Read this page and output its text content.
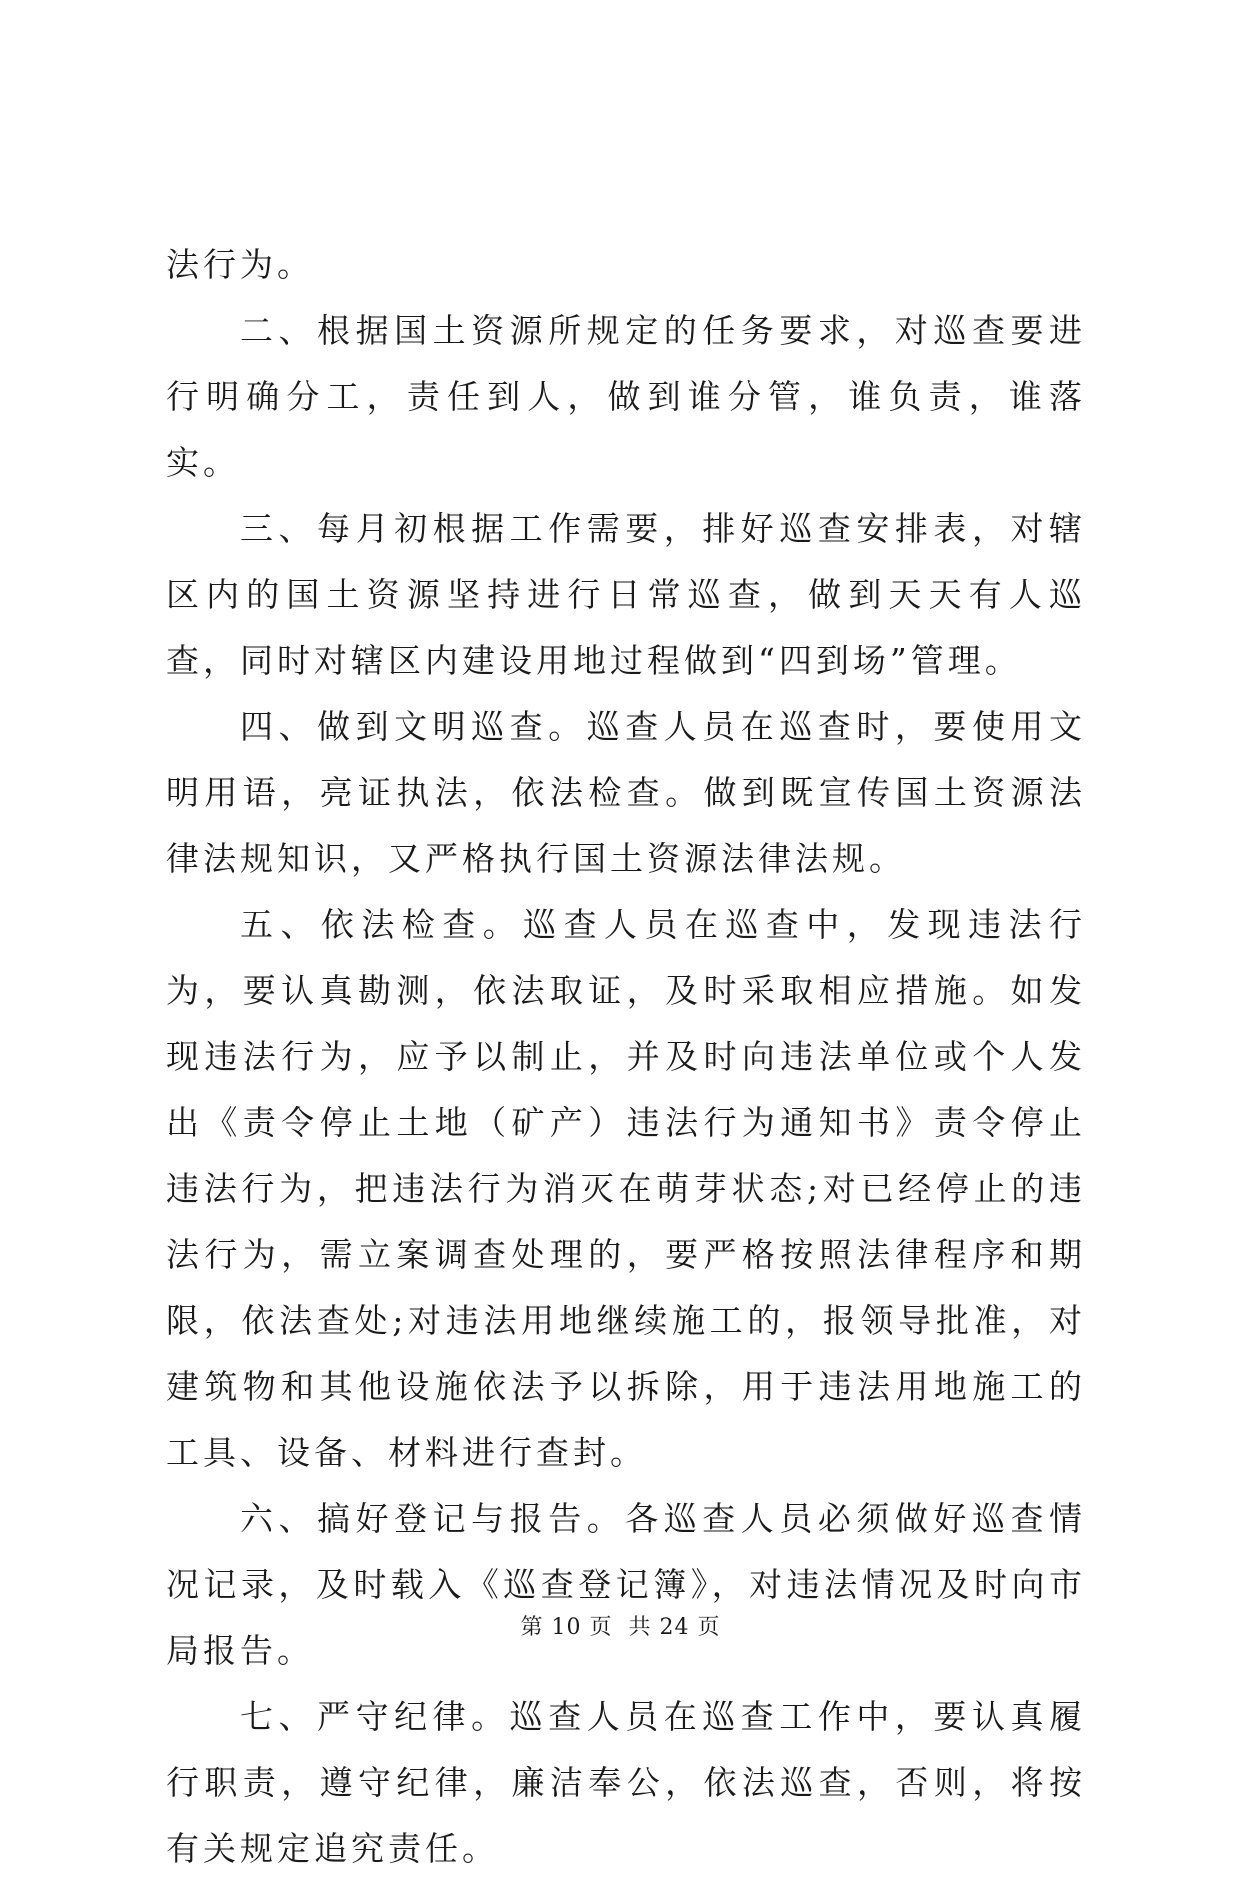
法行为。

二、根据国土资源所规定的任务要求，对巡查要进行明确分工，责任到人，做到谁分管，谁负责，谁落实。

三、每月初根据工作需要，排好巡查安排表，对辖区内的国土资源坚持进行日常巡查，做到天天有人巡查，同时对辖区内建设用地过程做到“四到场”管理。

四、做到文明巡查。巡查人员在巡查时，要使用文明用语，亮证执法，依法检查。做到既宣传国土资源法律法规知识，又严格执行国土资源法律法规。

五、依法检查。巡查人员在巡查中，发现违法行为，要认真勘测，依法取证，及时采取相应措施。如发现违法行为，应予以制止，并及时向违法单位或个人发出《责令停止土地（矿产）违法行为通知书》责令停止违法行为，把违法行为消灭在萌芽状态;对已经停止的违法行为，需立案调查处理的，要严格按照法律程序和期限，依法查处;对违法用地继续施工的，报领导批准，对建筑物和其他设施依法予以拆除，用于违法用地施工的工具、设备、材料进行查封。

六、搞好登记与报告。各巡查人员必须做好巡查情况记录，及时载入《巡查登记簿》，对违法情况及时向市局报告。

七、严守纪律。巡查人员在巡查工作中，要认真履行职责，遵守纪律，廉洁奉公，依法巡查，否则，将按有关规定追究责任。

第 10 页 共 24 页
